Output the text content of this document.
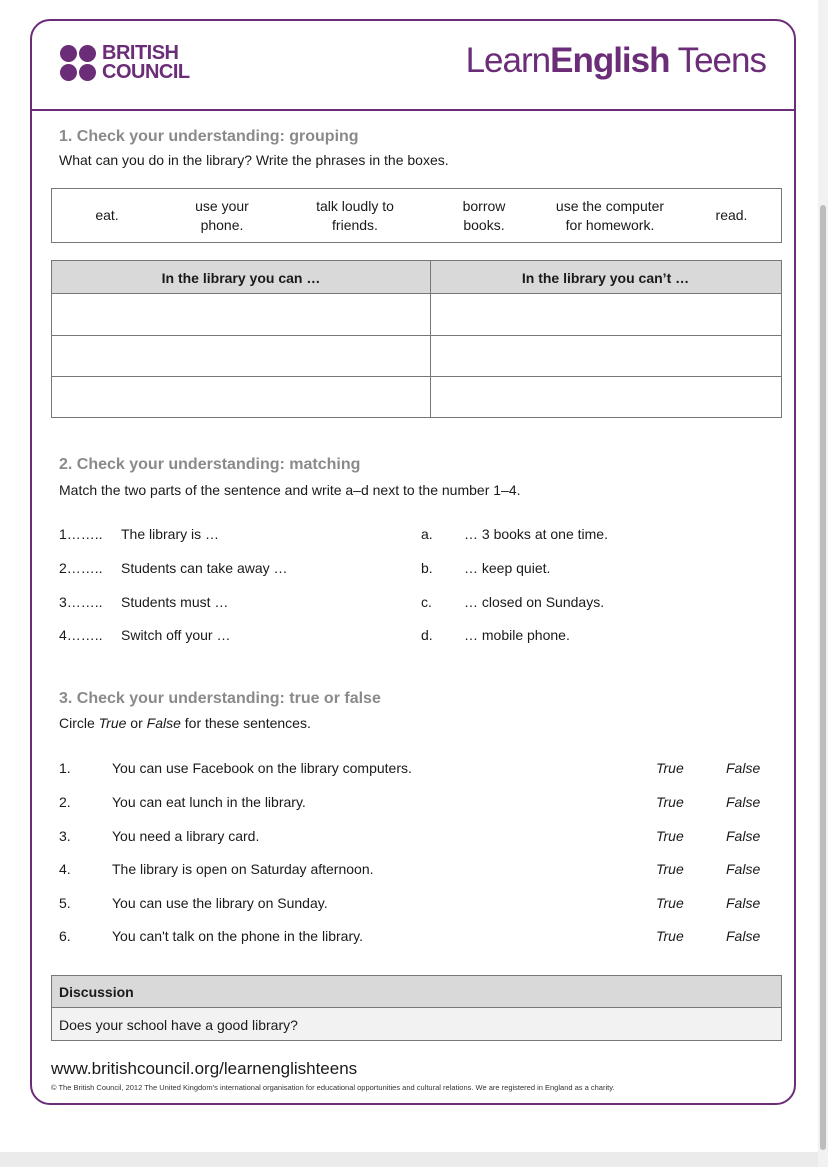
BRITISH
COUNCIL	LearnEnglish Teens
1. Check your understanding: grouping
What can you do in the library? Write the phrases in the boxes.
eat.
use your
phone.
talk loudly to
friends.
borrow
books.
use the computer
for homework.
read.
In the library you can …	In the library you can’t …
2. Check your understanding: matching
Match the two parts of the sentence and write a–d next to the number 1–4.
1…….. The library is …	a. … 3 books at one time.
2…….. Students can take away …	b. … keep quiet.
3…….. Students must …	c. … closed on Sundays.
4…….. Switch off your …	d. … mobile phone.
3. Check your understanding: true or false
Circle True or False for these sentences.
1.	You can use Facebook on the library computers.	True	False
2.	You can eat lunch in the library.	True	False
3.	You need a library card.	True	False
4.	The library is open on Saturday afternoon.	True	False
5.	You can use the library on Sunday.	True	False
6.	You can't talk on the phone in the library.	True	False
Discussion
Does your school have a good library?
www.britishcouncil.org/learnenglishteens
© The British Council, 2012 The United Kingdom’s international organisation for educational opportunities and cultural relations. We are registered in England as a charity.
